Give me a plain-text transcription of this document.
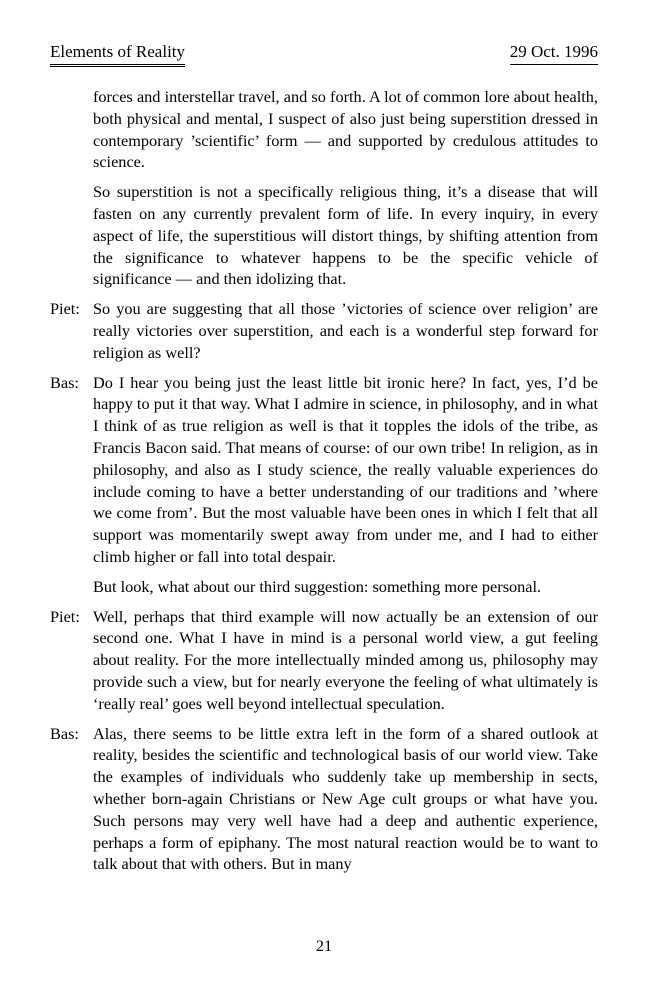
Elements of Reality	29 Oct. 1996

forces and interstellar travel, and so forth. A lot of common lore about health, both physical and mental, I suspect of also just being superstition dressed in contemporary ’scientific’ form — and supported by credulous attitudes to science.

So superstition is not a specifically religious thing, it’s a disease that will fasten on any currently prevalent form of life. In every inquiry, in every aspect of life, the superstitious will distort things, by shifting attention from the significance to whatever happens to be the specific vehicle of significance — and then idolizing that.

Piet: So you are suggesting that all those ’victories of science over religion’ are really victories over superstition, and each is a wonderful step forward for religion as well?

Bas: Do I hear you being just the least little bit ironic here? In fact, yes, I’d be happy to put it that way. What I admire in science, in philosophy, and in what I think of as true religion as well is that it topples the idols of the tribe, as Francis Bacon said. That means of course: of our own tribe! In religion, as in philosophy, and also as I study science, the really valuable experiences do include coming to have a better understanding of our traditions and ’where we come from’. But the most valuable have been ones in which I felt that all support was momentarily swept away from under me, and I had to either climb higher or fall into total despair.

But look, what about our third suggestion: something more personal.

Piet: Well, perhaps that third example will now actually be an extension of our second one. What I have in mind is a personal world view, a gut feeling about reality. For the more intellectually minded among us, philosophy may provide such a view, but for nearly everyone the feeling of what ultimately is ‘really real’ goes well beyond intellectual speculation.

Bas: Alas, there seems to be little extra left in the form of a shared outlook at reality, besides the scientific and technological basis of our world view. Take the examples of individuals who suddenly take up membership in sects, whether born-again Christians or New Age cult groups or what have you. Such persons may very well have had a deep and authentic experience, perhaps a form of epiphany. The most natural reaction would be to want to talk about that with others. But in many

21
